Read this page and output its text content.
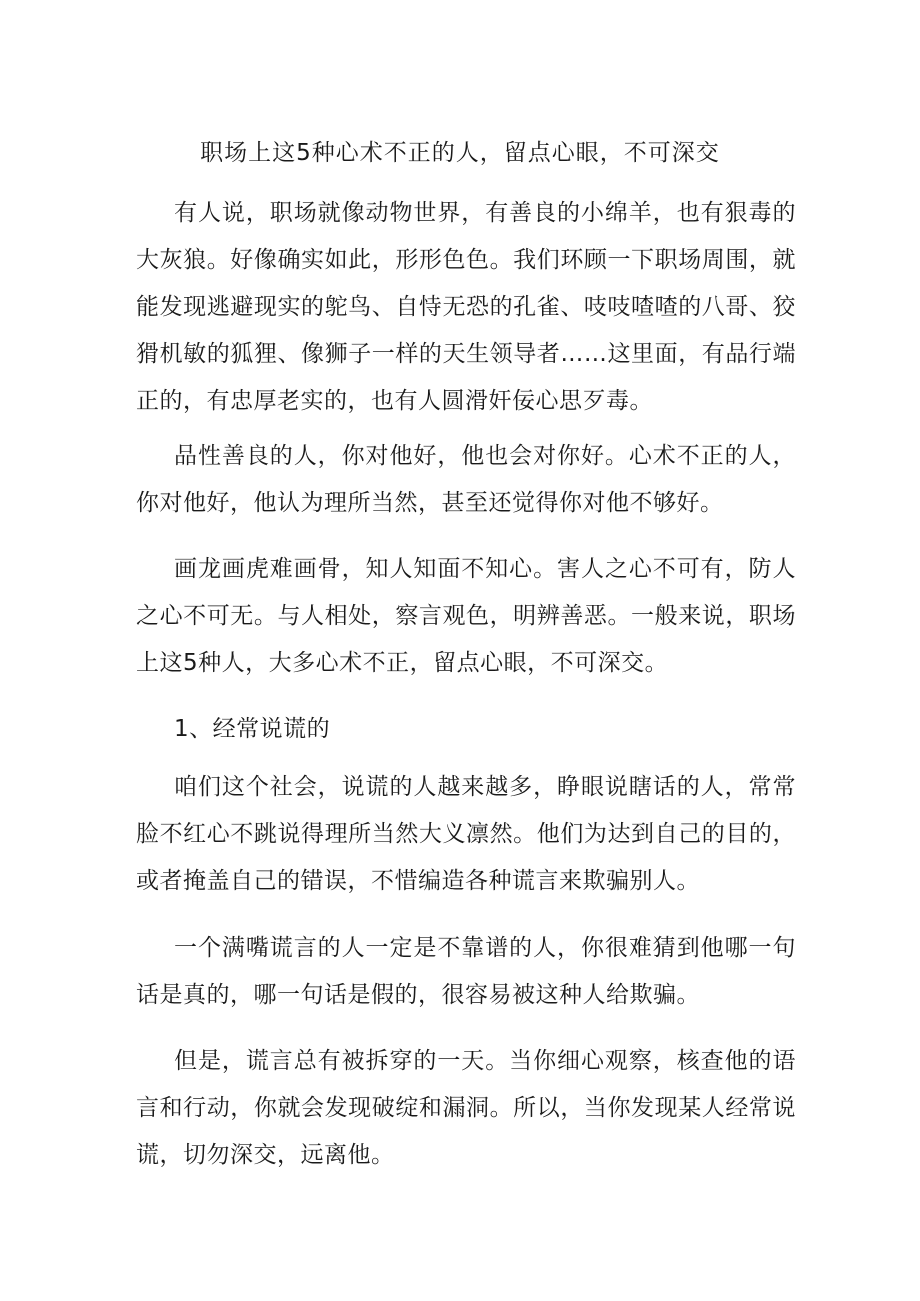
职场上这5种心术不正的人，留点心眼，不可深交

有人说，职场就像动物世界，有善良的小绵羊，也有狠毒的大灰狼。好像确实如此，形形色色。我们环顾一下职场周围，就能发现逃避现实的鸵鸟、自恃无恐的孔雀、吱吱喳喳的八哥、狡猾机敏的狐狸、像狮子一样的天生领导者……这里面，有品行端正的，有忠厚老实的，也有人圆滑奸佞心思歹毒。

品性善良的人，你对他好，他也会对你好。心术不正的人，你对他好，他认为理所当然，甚至还觉得你对他不够好。

画龙画虎难画骨，知人知面不知心。害人之心不可有，防人之心不可无。与人相处，察言观色，明辨善恶。一般来说，职场上这5种人，大多心术不正，留点心眼，不可深交。

1、经常说谎的

咱们这个社会，说谎的人越来越多，睁眼说瞎话的人，常常脸不红心不跳说得理所当然大义凛然。他们为达到自己的目的，或者掩盖自己的错误，不惜编造各种谎言来欺骗别人。

一个满嘴谎言的人一定是不靠谱的人，你很难猜到他哪一句话是真的，哪一句话是假的，很容易被这种人给欺骗。

但是，谎言总有被拆穿的一天。当你细心观察，核查他的语言和行动，你就会发现破绽和漏洞。所以，当你发现某人经常说谎，切勿深交，远离他。
